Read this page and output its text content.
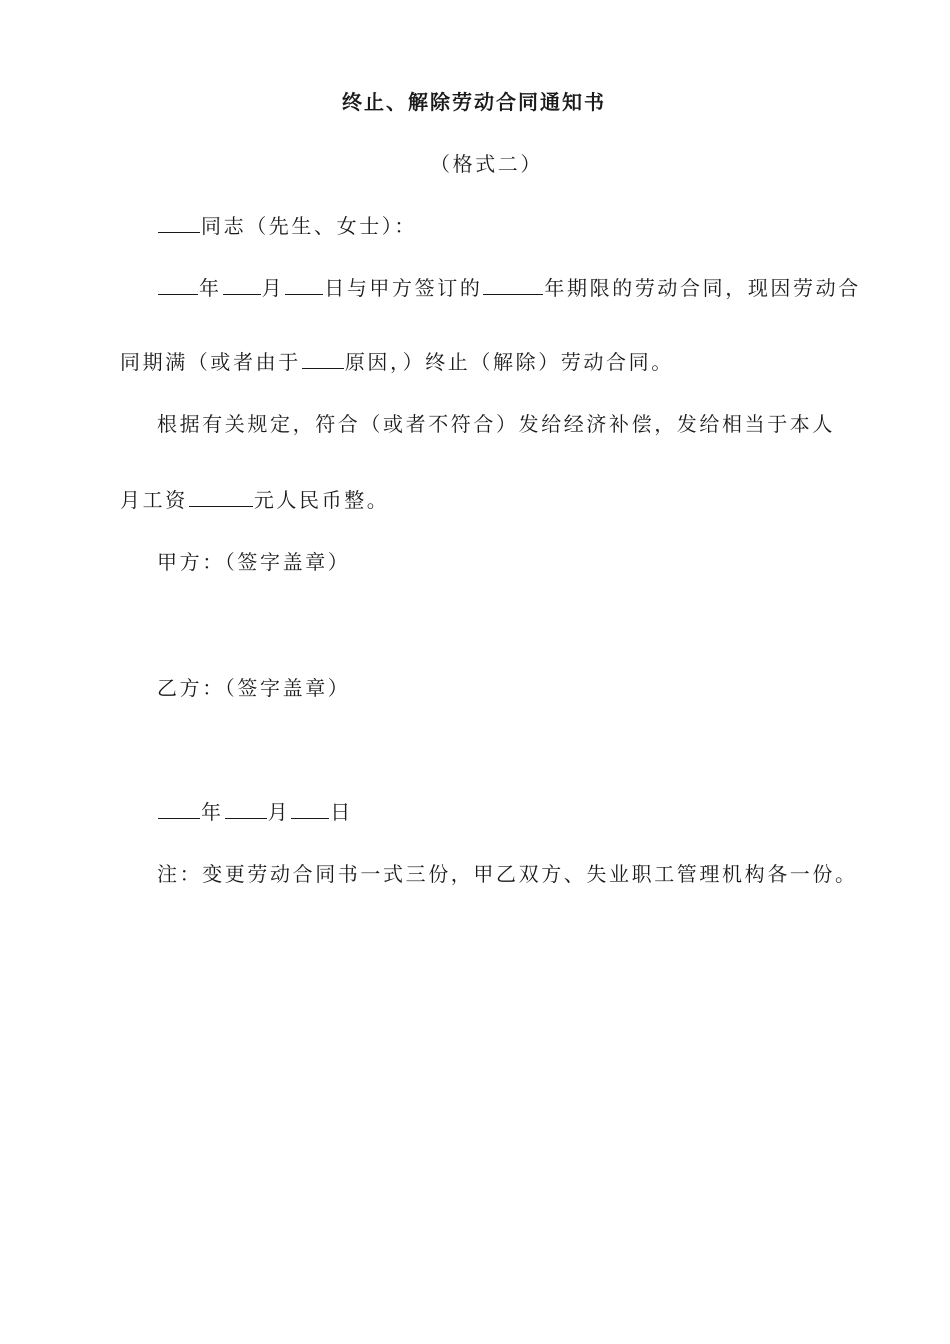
终止、解除劳动合同通知书
（格式二）
同志（先生、女士）：
年 月 日与甲方签订的	年期限的劳动合同，现因劳动合
同期满（或者由于 原因，）终止（解除）劳动合同。
根据有关规定，符合（或者不符合）发给经济补偿，发给相当于本人
月工资	元人民币整。
甲方：（签字盖章）
乙方：（签字盖章）
年 月 日
注：变更劳动合同书一式三份，甲乙双方、失业职工管理机构各一份。
